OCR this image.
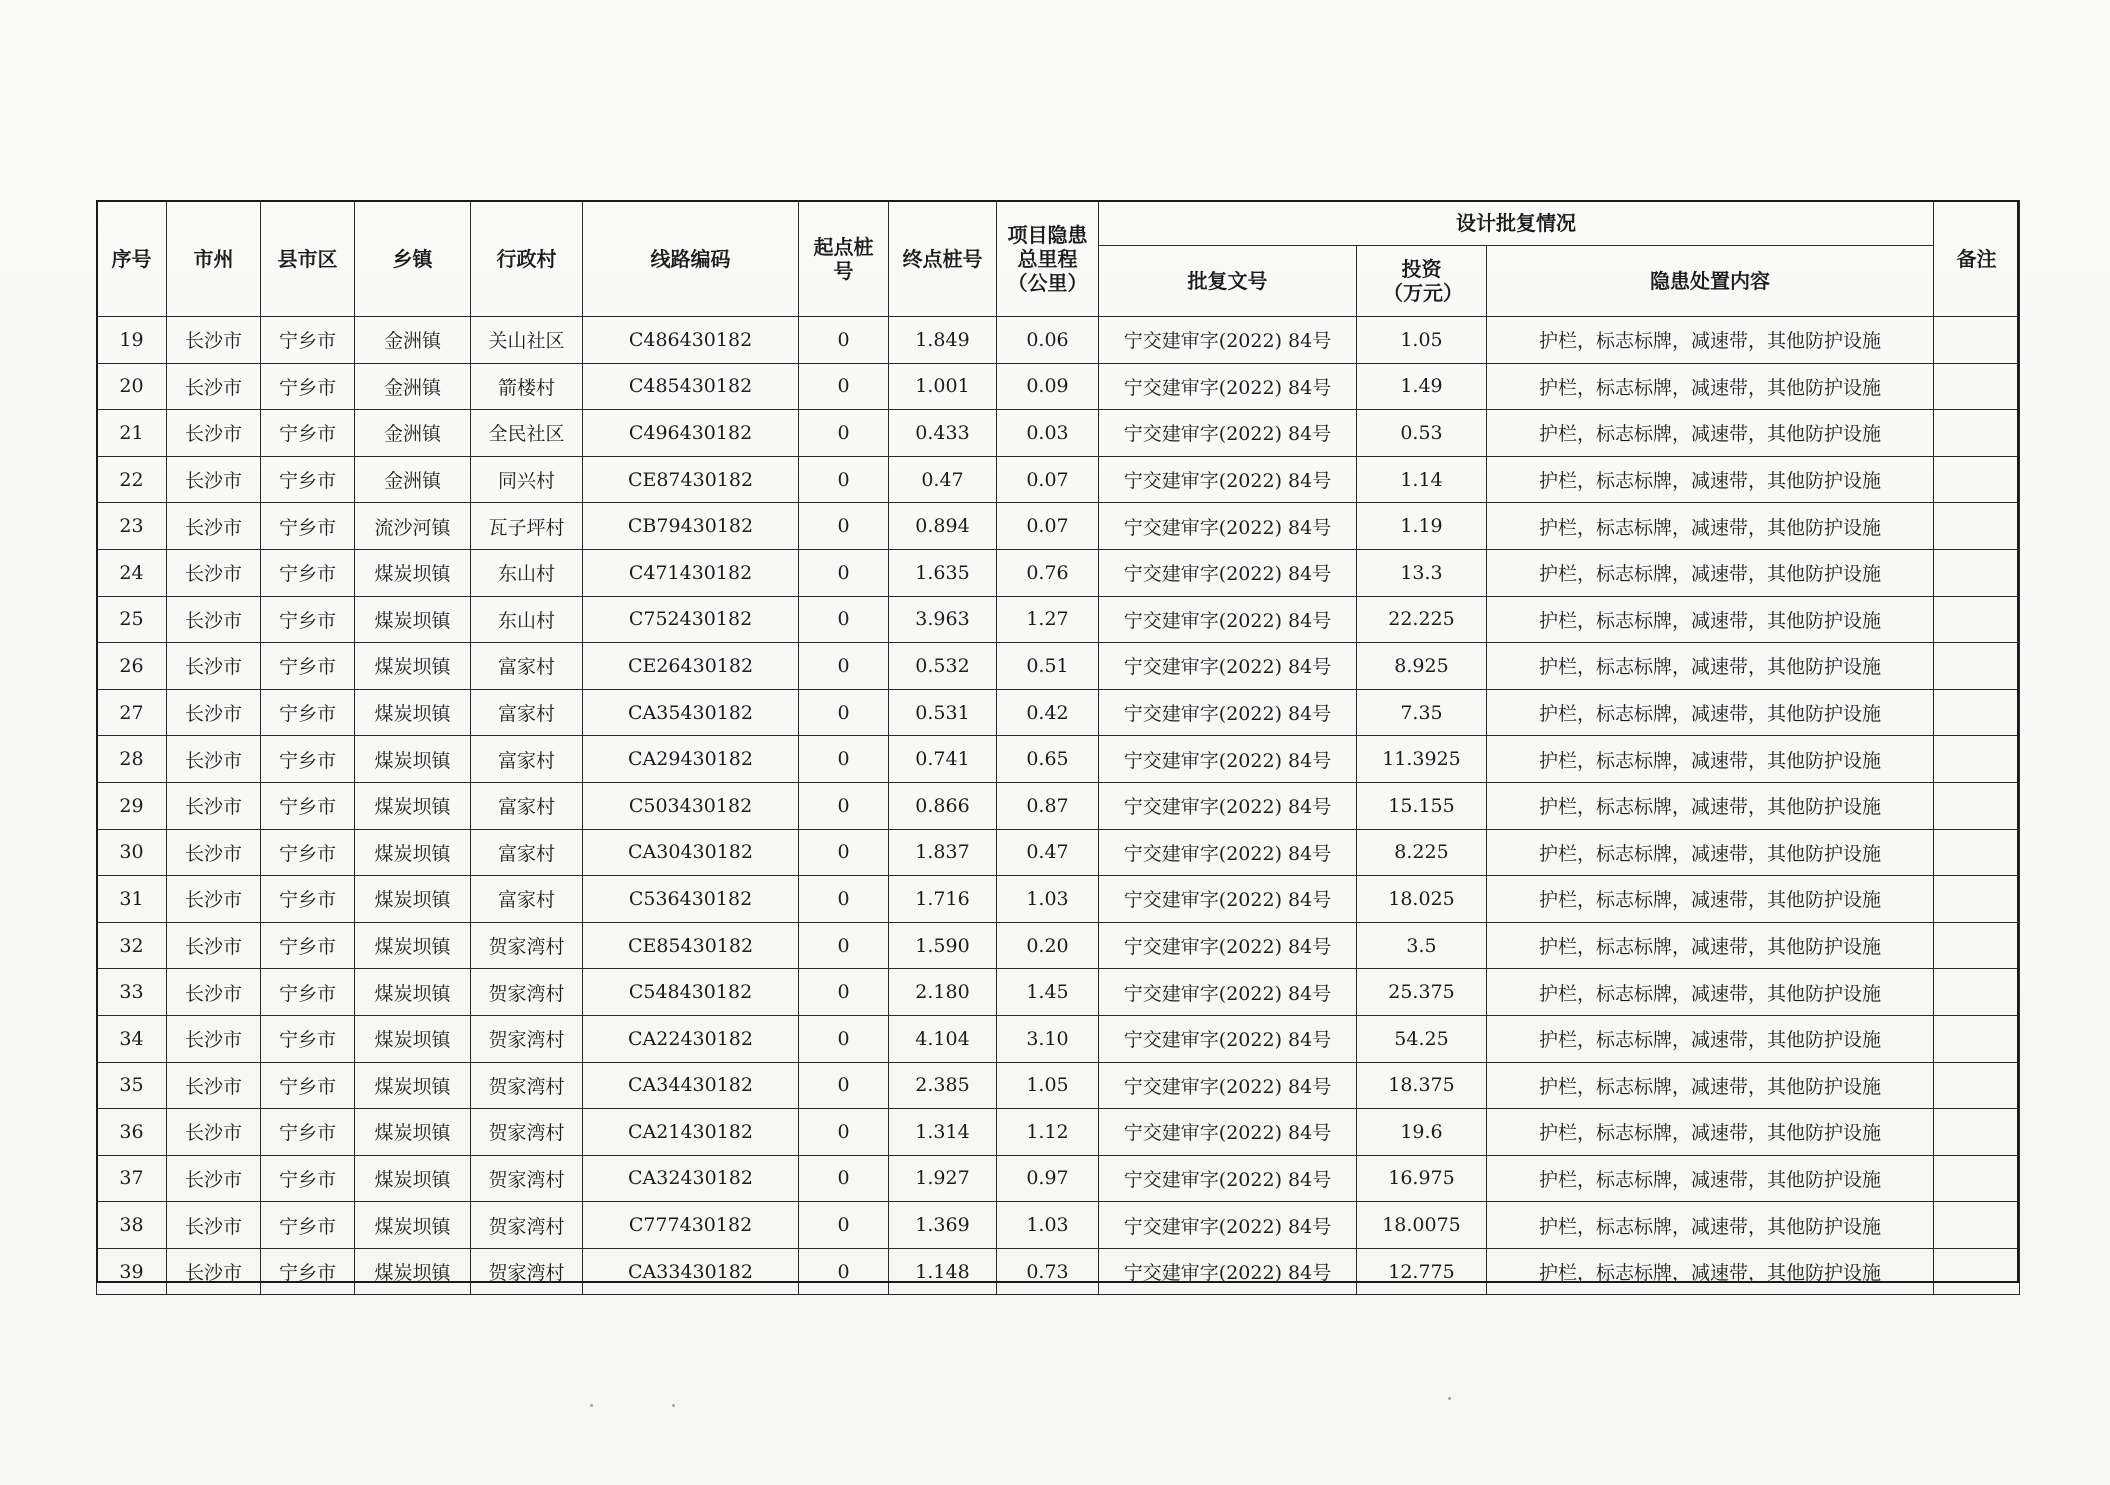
序号	市州	县市区	乡镇	行政村	线路编码	起点桩号	终点桩号	项目隐患总里程（公里）	设计批复情况			备注
									批复文号	投资（万元）	隐患处置内容	
19	长沙市	宁乡市	金洲镇	关山社区	C486430182	0	1.849	0.06	宁交建审字(2022) 84号	1.05	护栏，标志标牌，减速带，其他防护设施	
20	长沙市	宁乡市	金洲镇	箭楼村	C485430182	0	1.001	0.09	宁交建审字(2022) 84号	1.49	护栏，标志标牌，减速带，其他防护设施	
21	长沙市	宁乡市	金洲镇	全民社区	C496430182	0	0.433	0.03	宁交建审字(2022) 84号	0.53	护栏，标志标牌，减速带，其他防护设施	
22	长沙市	宁乡市	金洲镇	同兴村	CE87430182	0	0.47	0.07	宁交建审字(2022) 84号	1.14	护栏，标志标牌，减速带，其他防护设施	
23	长沙市	宁乡市	流沙河镇	瓦子坪村	CB79430182	0	0.894	0.07	宁交建审字(2022) 84号	1.19	护栏，标志标牌，减速带，其他防护设施	
24	长沙市	宁乡市	煤炭坝镇	东山村	C471430182	0	1.635	0.76	宁交建审字(2022) 84号	13.3	护栏，标志标牌，减速带，其他防护设施	
25	长沙市	宁乡市	煤炭坝镇	东山村	C752430182	0	3.963	1.27	宁交建审字(2022) 84号	22.225	护栏，标志标牌，减速带，其他防护设施	
26	长沙市	宁乡市	煤炭坝镇	富家村	CE26430182	0	0.532	0.51	宁交建审字(2022) 84号	8.925	护栏，标志标牌，减速带，其他防护设施	
27	长沙市	宁乡市	煤炭坝镇	富家村	CA35430182	0	0.531	0.42	宁交建审字(2022) 84号	7.35	护栏，标志标牌，减速带，其他防护设施	
28	长沙市	宁乡市	煤炭坝镇	富家村	CA29430182	0	0.741	0.65	宁交建审字(2022) 84号	11.3925	护栏，标志标牌，减速带，其他防护设施	
29	长沙市	宁乡市	煤炭坝镇	富家村	C503430182	0	0.866	0.87	宁交建审字(2022) 84号	15.155	护栏，标志标牌，减速带，其他防护设施	
30	长沙市	宁乡市	煤炭坝镇	富家村	CA30430182	0	1.837	0.47	宁交建审字(2022) 84号	8.225	护栏，标志标牌，减速带，其他防护设施	
31	长沙市	宁乡市	煤炭坝镇	富家村	C536430182	0	1.716	1.03	宁交建审字(2022) 84号	18.025	护栏，标志标牌，减速带，其他防护设施	
32	长沙市	宁乡市	煤炭坝镇	贺家湾村	CE85430182	0	1.590	0.20	宁交建审字(2022) 84号	3.5	护栏，标志标牌，减速带，其他防护设施	
33	长沙市	宁乡市	煤炭坝镇	贺家湾村	C548430182	0	2.180	1.45	宁交建审字(2022) 84号	25.375	护栏，标志标牌，减速带，其他防护设施	
34	长沙市	宁乡市	煤炭坝镇	贺家湾村	CA22430182	0	4.104	3.10	宁交建审字(2022) 84号	54.25	护栏，标志标牌，减速带，其他防护设施	
35	长沙市	宁乡市	煤炭坝镇	贺家湾村	CA34430182	0	2.385	1.05	宁交建审字(2022) 84号	18.375	护栏，标志标牌，减速带，其他防护设施	
36	长沙市	宁乡市	煤炭坝镇	贺家湾村	CA21430182	0	1.314	1.12	宁交建审字(2022) 84号	19.6	护栏，标志标牌，减速带，其他防护设施	
37	长沙市	宁乡市	煤炭坝镇	贺家湾村	CA32430182	0	1.927	0.97	宁交建审字(2022) 84号	16.975	护栏，标志标牌，减速带，其他防护设施	
38	长沙市	宁乡市	煤炭坝镇	贺家湾村	C777430182	0	1.369	1.03	宁交建审字(2022) 84号	18.0075	护栏，标志标牌，减速带，其他防护设施	
39	长沙市	宁乡市	煤炭坝镇	贺家湾村	CA33430182	0	1.148	0.73	宁交建审字(2022) 84号	12.775	护栏，标志标牌，减速带，其他防护设施	
